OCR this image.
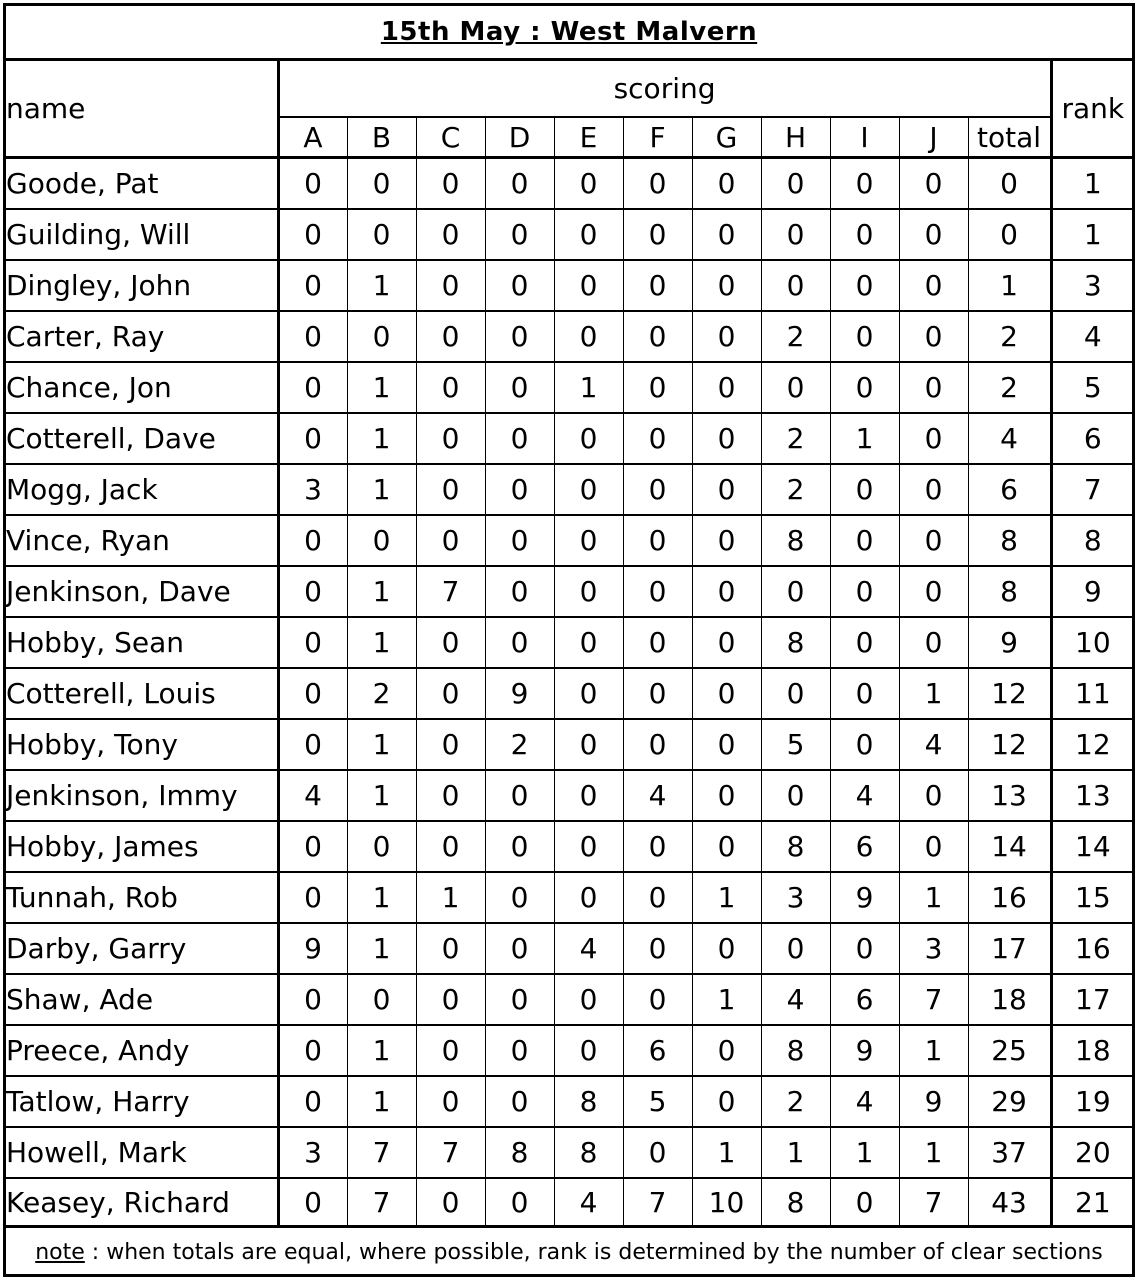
15th May : West Malvern
name	scoring											rank
	A	B	C	D	E	F	G	H	I	J	total	
Goode, Pat	0	0	0	0	0	0	0	0	0	0	0	1
Guilding, Will	0	0	0	0	0	0	0	0	0	0	0	1
Dingley, John	0	1	0	0	0	0	0	0	0	0	1	3
Carter, Ray	0	0	0	0	0	0	0	2	0	0	2	4
Chance, Jon	0	1	0	0	1	0	0	0	0	0	2	5
Cotterell, Dave	0	1	0	0	0	0	0	2	1	0	4	6
Mogg, Jack	3	1	0	0	0	0	0	2	0	0	6	7
Vince, Ryan	0	0	0	0	0	0	0	8	0	0	8	8
Jenkinson, Dave	0	1	7	0	0	0	0	0	0	0	8	9
Hobby, Sean	0	1	0	0	0	0	0	8	0	0	9	10
Cotterell, Louis	0	2	0	9	0	0	0	0	0	1	12	11
Hobby, Tony	0	1	0	2	0	0	0	5	0	4	12	12
Jenkinson, Immy	4	1	0	0	0	4	0	0	4	0	13	13
Hobby, James	0	0	0	0	0	0	0	8	6	0	14	14
Tunnah, Rob	0	1	1	0	0	0	1	3	9	1	16	15
Darby, Garry	9	1	0	0	4	0	0	0	0	3	17	16
Shaw, Ade	0	0	0	0	0	0	1	4	6	7	18	17
Preece, Andy	0	1	0	0	0	6	0	8	9	1	25	18
Tatlow, Harry	0	1	0	0	8	5	0	2	4	9	29	19
Howell, Mark	3	7	7	8	8	0	1	1	1	1	37	20
Keasey, Richard	0	7	0	0	4	7	10	8	0	7	43	21
note : when totals are equal, where possible, rank is determined by the number of clear sections
